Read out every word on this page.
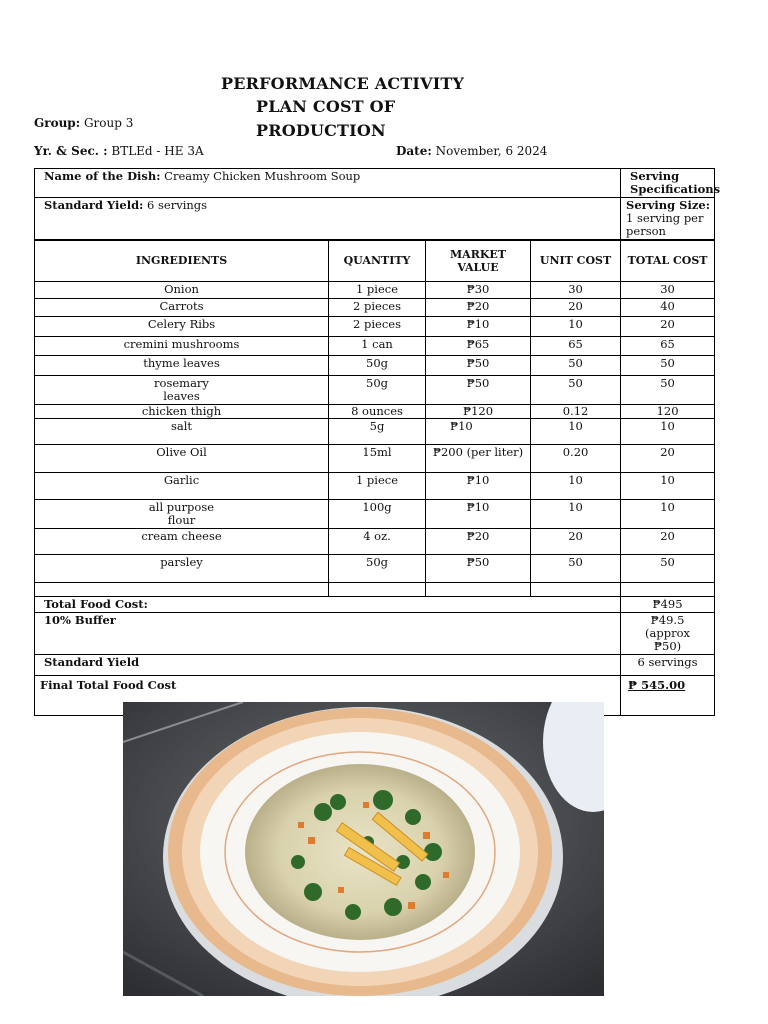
PERFORMANCE ACTIVITY
PLAN COST OF
PRODUCTION
Group: Group 3
Yr. & Sec. : BTLEd - HE 3A	Date: November, 6 2024
Name of the Dish: Creamy Chicken Mushroom Soup				Serving Specifications
Standard Yield: 6 servings				Serving Size:
1 serving per person
INGREDIENTS	QUANTITY	MARKET VALUE	UNIT COST	TOTAL COST
Onion	1 piece	₱30	30	30
Carrots	2 pieces	₱20	20	40
Celery Ribs	2 pieces	₱10	10	20
cremini mushrooms	1 can	₱65	65	65
thyme leaves	50g	₱50	50	50

rosemary leaves	50g	₱50	50	50
chicken thigh	8 ounces	₱120	0.12	120
salt	5g	₱10	10	10
Olive Oil	15ml	₱200 (per liter)	0.20	20
Garlic	1 piece	₱10	10	10

all purpose flour	100g	₱10	10	10
cream cheese	4 oz.	₱20	20	20
parsley	50g	₱50	50	50

Total Food Cost:				₱495
10% Buffer				₱49.5 (approx ₱50)

Standard Yield				6 servings
Final Total Food Cost				₱ 545.00
